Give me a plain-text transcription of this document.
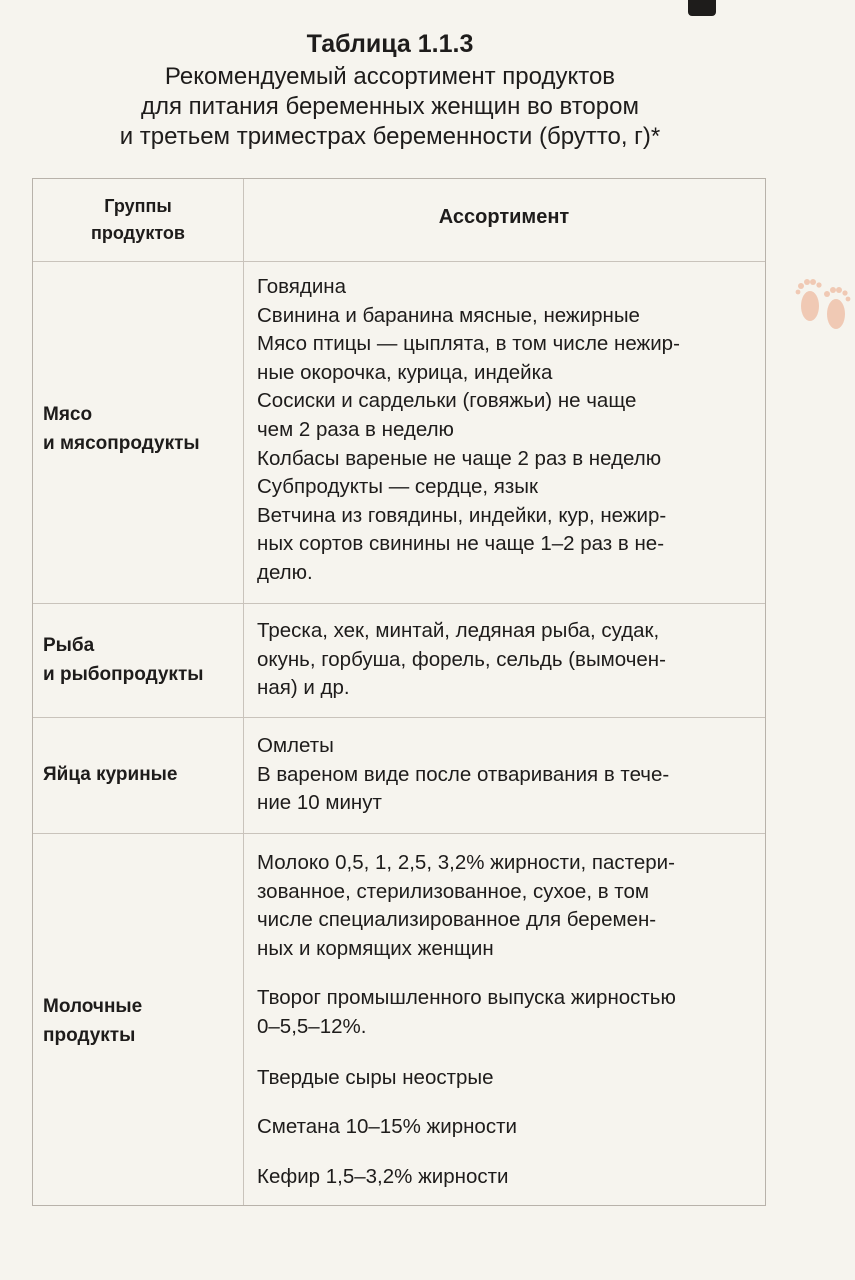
Таблица 1.1.3
Рекомендуемый ассортимент продуктов
для питания беременных женщин во втором
и третьем триместрах беременности (брутто, г)*
Группы
продуктов
Ассортимент
Мясо
и мясопродукты
Говядина
Свинина и баранина мясные, нежирные
Мясо птицы — цыплята, в том числе нежир-
ные окорочка, курица, индейка
Сосиски и сардельки (говяжьи) не чаще
чем 2 раза в неделю
Колбасы вареные не чаще 2 раз в неделю
Субпродукты — сердце, язык
Ветчина из говядины, индейки, кур, нежир-
ных сортов свинины не чаще 1–2 раз в не-
делю.
Рыба
и рыбопродукты
Треска, хек, минтай, ледяная рыба, судак,
окунь, горбуша, форель, сельдь (вымочен-
ная) и др.
Яйца куриные
Омлеты
В вареном виде после отваривания в тече-
ние 10 минут
Молочные
продукты
Молоко 0,5, 1, 2,5, 3,2% жирности, пастери-
зованное, стерилизованное, сухое, в том
числе специализированное для беремен-
ных и кормящих женщин
Творог промышленного выпуска жирностью
0–5,5–12%.
Твердые сыры неострые
Сметана 10–15% жирности
Кефир 1,5–3,2% жирности
